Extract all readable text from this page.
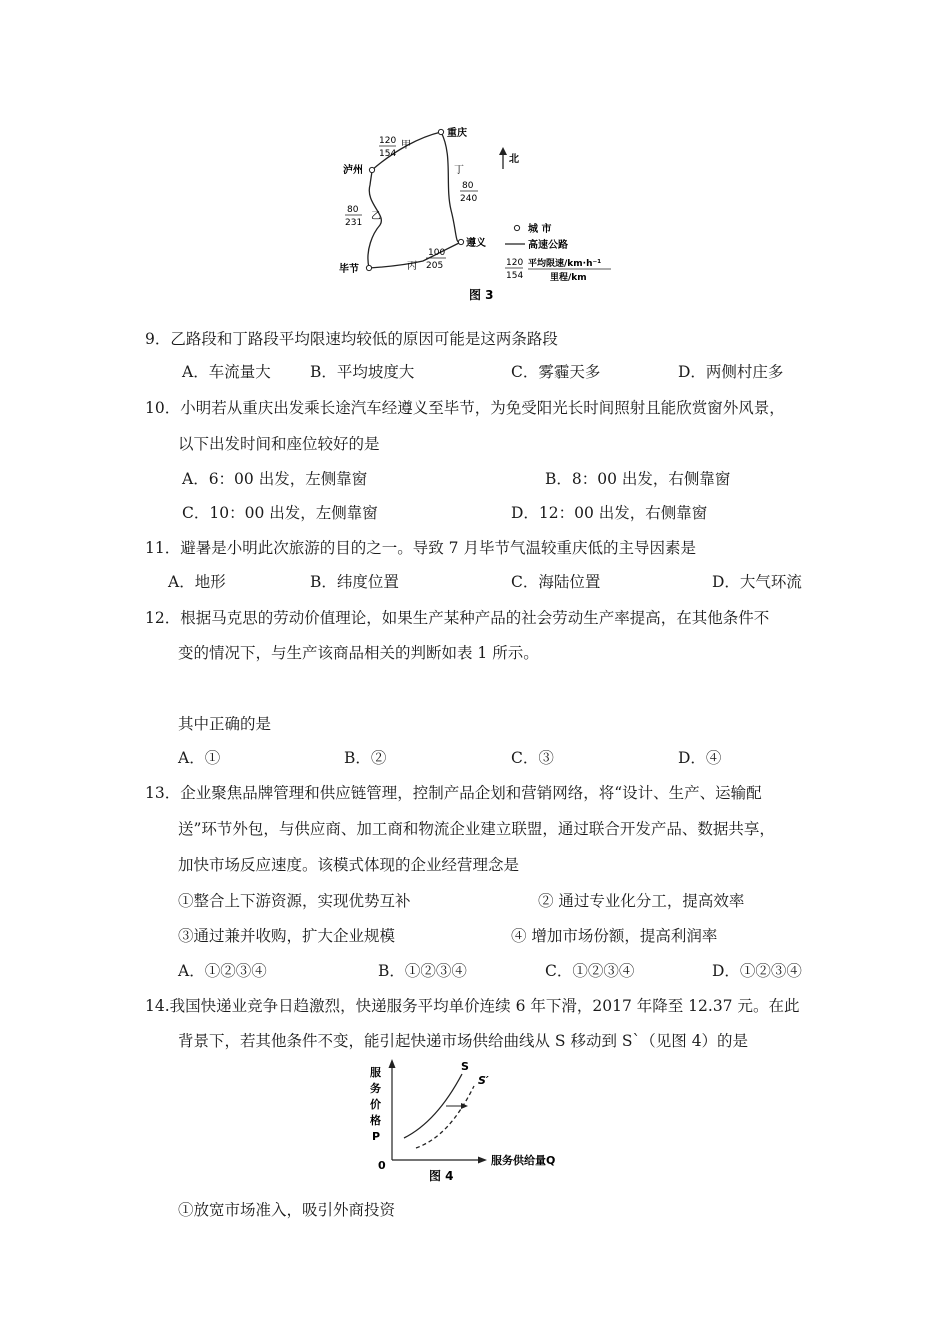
重庆
泸州
遵义
毕节
120
154
甲
丁
80
240
80
231
乙
丙
100
205
北
城 市
高速公路
120
154
平均限速/km·h⁻¹
里程/km
图 3
9．乙路段和丁路段平均限速均较低的原因可能是这两条路段
A．车流量大	B．平均坡度大	C．雾霾天多	D．两侧村庄多
10．小明若从重庆出发乘长途汽车经遵义至毕节，为免受阳光长时间照射且能欣赏窗外风景，
以下出发时间和座位较好的是
A．6：00 出发，左侧靠窗	B．8：00 出发，右侧靠窗
C．10：00 出发，左侧靠窗	D．12：00 出发，右侧靠窗
11．避暑是小明此次旅游的目的之一。导致 7 月毕节气温较重庆低的主导因素是
A．地形	B．纬度位置	C．海陆位置	D．大气环流
12．根据马克思的劳动价值理论，如果生产某种产品的社会劳动生产率提高，在其他条件不
变的情况下，与生产该商品相关的判断如表 1 所示。
其中正确的是
A．①	B．②	C．③	D．④
13．企业聚焦品牌管理和供应链管理，控制产品企划和营销网络，将“设计、生产、运输配
送”环节外包，与供应商、加工商和物流企业建立联盟，通过联合开发产品、数据共享，
加快市场反应速度。该模式体现的企业经营理念是
①整合上下游资源，实现优势互补	② 通过专业化分工，提高效率
③通过兼并收购，扩大企业规模	④ 增加市场份额，提高利润率
A．①②③④	B．①②③④	C．①②③④	D．①②③④
14.我国快递业竞争日趋激烈，快递服务平均单价连续 6 年下滑，2017 年降至 12.37 元。在此
背景下，若其他条件不变，能引起快递市场供给曲线从 S 移动到 S`（见图 4）的是
服
务
价
格
P
0	服务供给量Q
S
S′
图 4
①放宽市场准入，吸引外商投资
